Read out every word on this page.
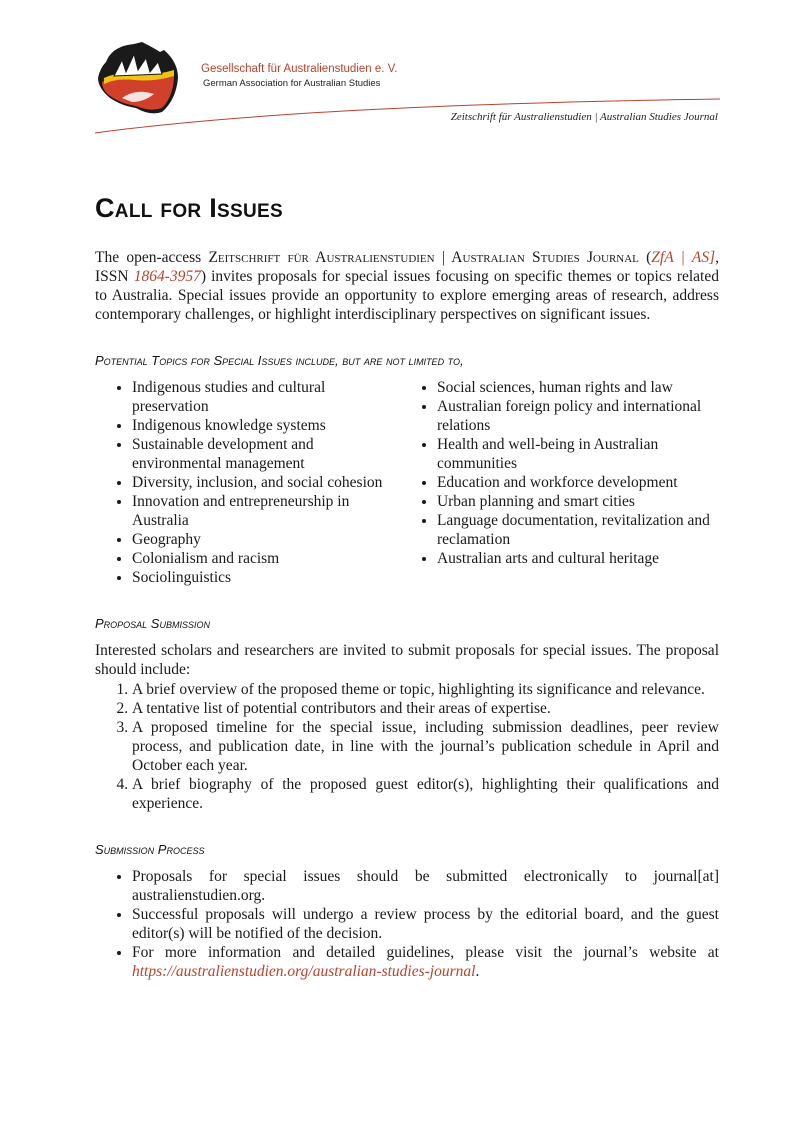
Gesellschaft für Australienstudien e. V.
German Association for Australian Studies
Zeitschrift für Australienstudien | Australian Studies Journal
Call for Issues

The open-access Zeitschrift für Australienstudien | Australian Studies Journal (ZfA | AS], ISSN 1864-3957) invites proposals for special issues focusing on specific themes or topics related to Australia. Special issues provide an opportunity to explore emerging areas of research, address contemporary challenges, or highlight interdisciplinary perspectives on significant issues.

Potential Topics for Special Issues include, but are not limited to,
• Indigenous studies and cultural preservation
• Indigenous knowledge systems
• Sustainable development and environmental management
• Diversity, inclusion, and social cohesion
• Innovation and entrepreneurship in Australia
• Geography
• Colonialism and racism
• Sociolinguistics
• Social sciences, human rights and law
• Australian foreign policy and international relations
• Health and well-being in Australian communities
• Education and workforce development
• Urban planning and smart cities
• Language documentation, revitalization and reclamation
• Australian arts and cultural heritage
Proposal Submission

Interested scholars and researchers are invited to submit proposals for special issues. The proposal should include:

1. A brief overview of the proposed theme or topic, highlighting its significance and relevance.
2. A tentative list of potential contributors and their areas of expertise.
3. A proposed timeline for the special issue, including submission deadlines, peer review process, and publication date, in line with the journal’s publication schedule in April and October each year.
4. A brief biography of the proposed guest editor(s), highlighting their qualifications and experience.
Submission Process
• Proposals for special issues should be submitted electronically to journal[at] australienstudien.org.
• Successful proposals will undergo a review process by the editorial board, and the guest editor(s) will be notified of the decision.
• For more information and detailed guidelines, please visit the journal’s website at https://australienstudien.org/australian-studies-journal.
